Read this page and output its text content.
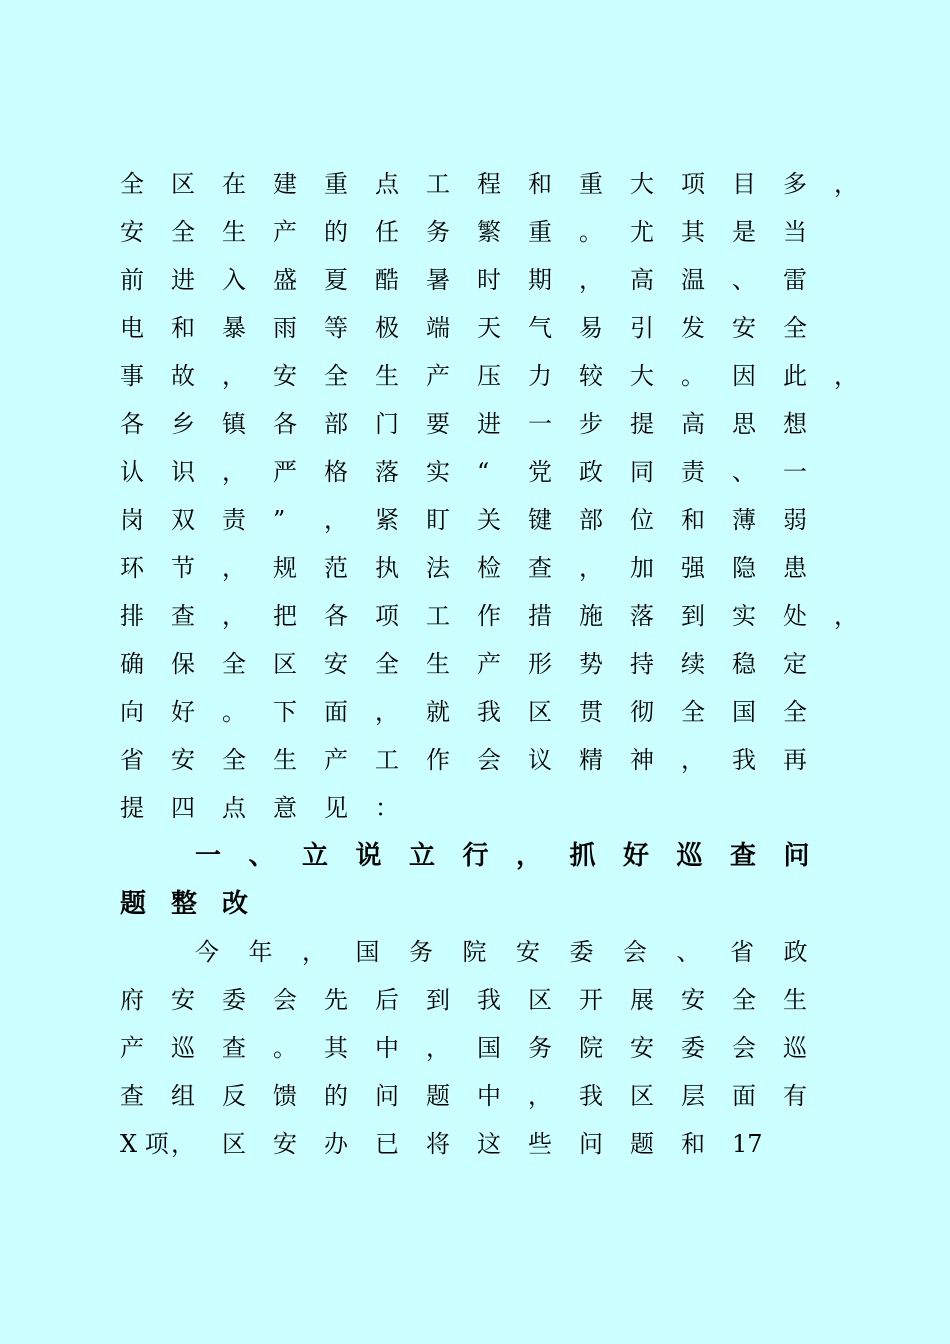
全 区 在 建 重 点 工 程 和 重 大 项 目 多 ，
安 全 生 产 的 任 务 繁 重 。 尤 其 是 当
前 进 入 盛 夏 酷 暑 时 期 ， 高 温 、 雷
电 和 暴 雨 等 极 端 天 气 易 引 发 安 全
事 故 ， 安 全 生 产 压 力 较 大 。 因 此 ，
各 乡 镇 各 部 门 要 进 一 步 提 高 思 想
认 识 ， 严 格 落 实 “ 党 政 同 责 、 一
岗 双 责 ” ， 紧 盯 关 键 部 位 和 薄 弱
环 节 ， 规 范 执 法 检 查 ， 加 强 隐 患
排 查 ， 把 各 项 工 作 措 施 落 到 实 处 ，
确 保 全 区 安 全 生 产 形 势 持 续 稳 定
向 好 。 下 面 ， 就 我 区 贯 彻 全 国 全
省 安 全 生 产 工 作 会 议 精 神 ， 我 再
提 四 点 意 见 ：
一 、 立 说 立 行 ， 抓 好 巡 查 问
题 整 改
今 年 ， 国 务 院 安 委 会 、 省 政
府 安 委 会 先 后 到 我 区 开 展 安 全 生
产 巡 查 。 其 中 ， 国 务 院 安 委 会 巡
查 组 反 馈 的 问 题 中 ， 我 区 层 面 有
X 项 ， 区 安 办 已 将 这 些 问 题 和 17
